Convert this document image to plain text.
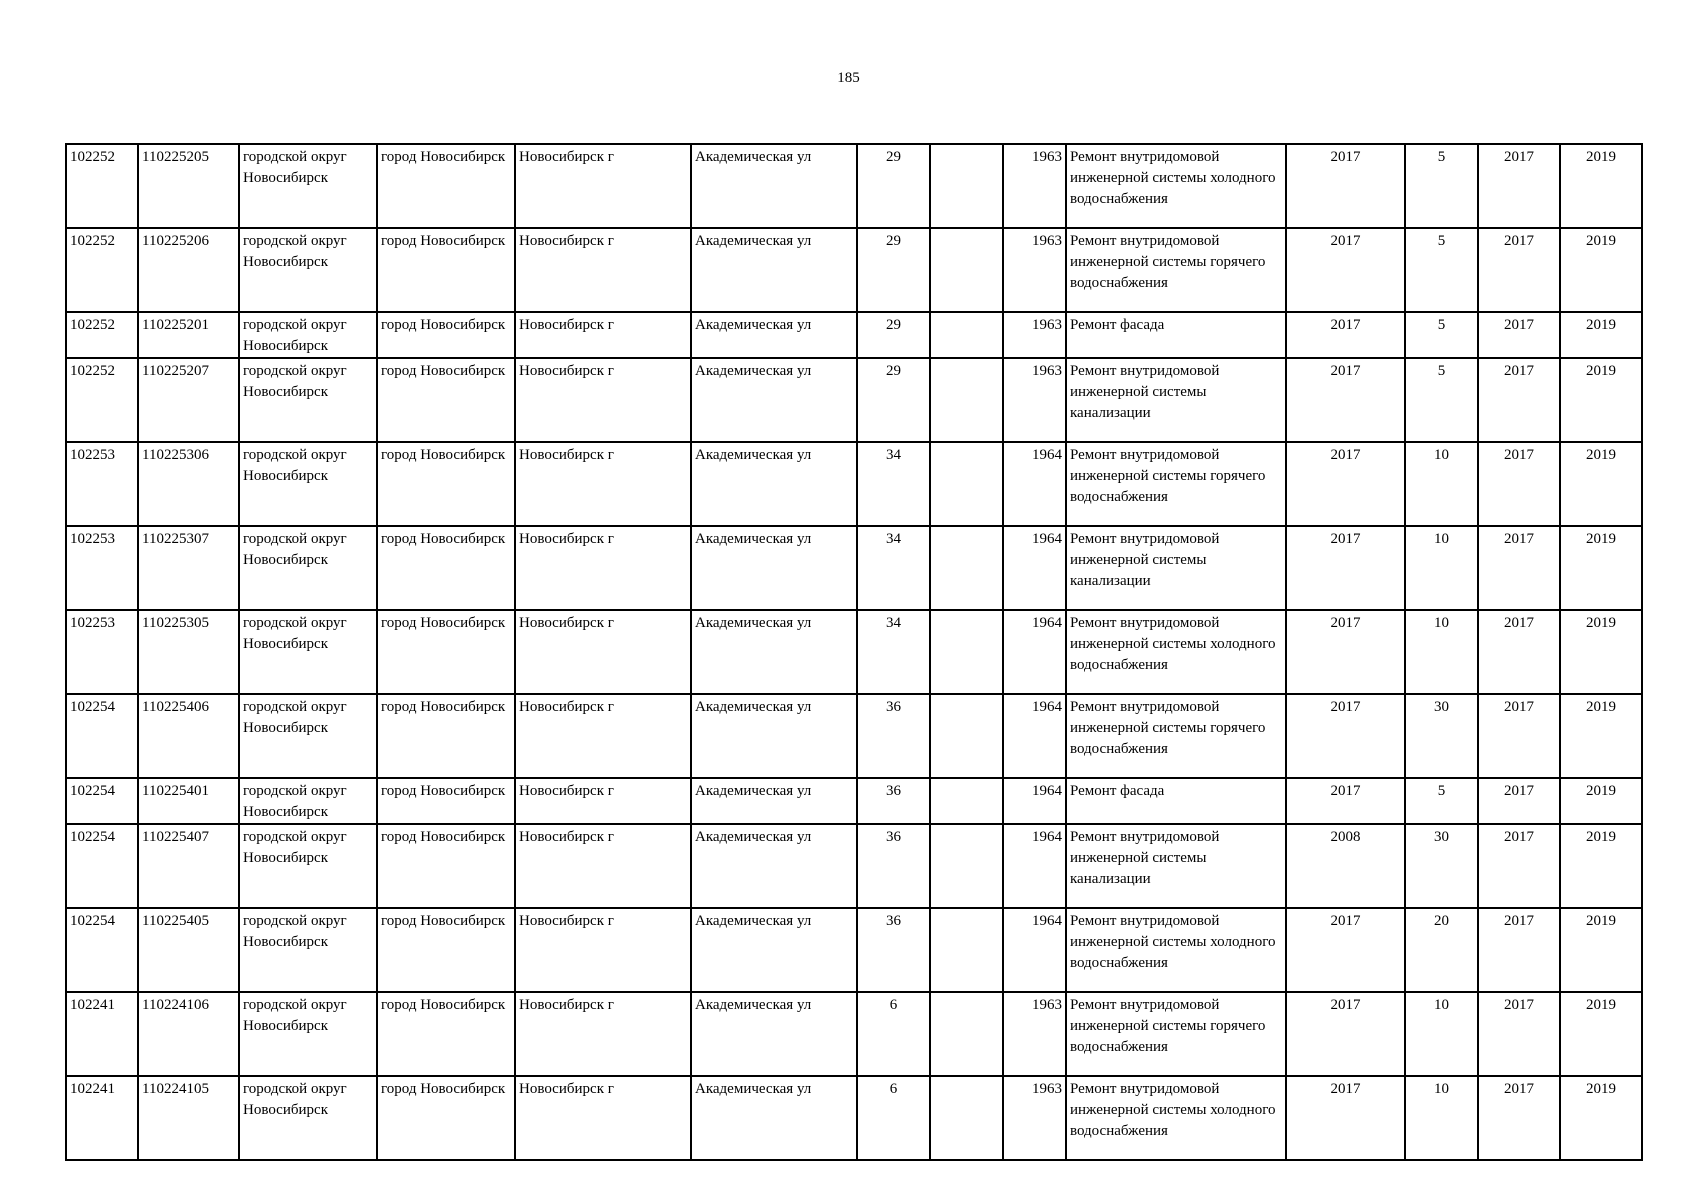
185
102252	110225205	городской округ Новосибирск	город Новосибирск	Новосибирск г	Академическая ул	29		1963	Ремонт внутридомовой инженерной системы холодного водоснабжения	2017	5	2017	2019
102252	110225206	городской округ Новосибирск	город Новосибирск	Новосибирск г	Академическая ул	29		1963	Ремонт внутридомовой инженерной системы горячего водоснабжения	2017	5	2017	2019
102252	110225201	городской округ Новосибирск	город Новосибирск	Новосибирск г	Академическая ул	29		1963	Ремонт фасада	2017	5	2017	2019
102252	110225207	городской округ Новосибирск	город Новосибирск	Новосибирск г	Академическая ул	29		1963	Ремонт внутридомовой инженерной системы канализации	2017	5	2017	2019
102253	110225306	городской округ Новосибирск	город Новосибирск	Новосибирск г	Академическая ул	34		1964	Ремонт внутридомовой инженерной системы горячего водоснабжения	2017	10	2017	2019
102253	110225307	городской округ Новосибирск	город Новосибирск	Новосибирск г	Академическая ул	34		1964	Ремонт внутридомовой инженерной системы канализации	2017	10	2017	2019
102253	110225305	городской округ Новосибирск	город Новосибирск	Новосибирск г	Академическая ул	34		1964	Ремонт внутридомовой инженерной системы холодного водоснабжения	2017	10	2017	2019
102254	110225406	городской округ Новосибирск	город Новосибирск	Новосибирск г	Академическая ул	36		1964	Ремонт внутридомовой инженерной системы горячего водоснабжения	2017	30	2017	2019
102254	110225401	городской округ Новосибирск	город Новосибирск	Новосибирск г	Академическая ул	36		1964	Ремонт фасада	2017	5	2017	2019
102254	110225407	городской округ Новосибирск	город Новосибирск	Новосибирск г	Академическая ул	36		1964	Ремонт внутридомовой инженерной системы канализации	2008	30	2017	2019
102254	110225405	городской округ Новосибирск	город Новосибирск	Новосибирск г	Академическая ул	36		1964	Ремонт внутридомовой инженерной системы холодного водоснабжения	2017	20	2017	2019
102241	110224106	городской округ Новосибирск	город Новосибирск	Новосибирск г	Академическая ул	6		1963	Ремонт внутридомовой инженерной системы горячего водоснабжения	2017	10	2017	2019
102241	110224105	городской округ Новосибирск	город Новосибирск	Новосибирск г	Академическая ул	6		1963	Ремонт внутридомовой инженерной системы холодного водоснабжения	2017	10	2017	2019
